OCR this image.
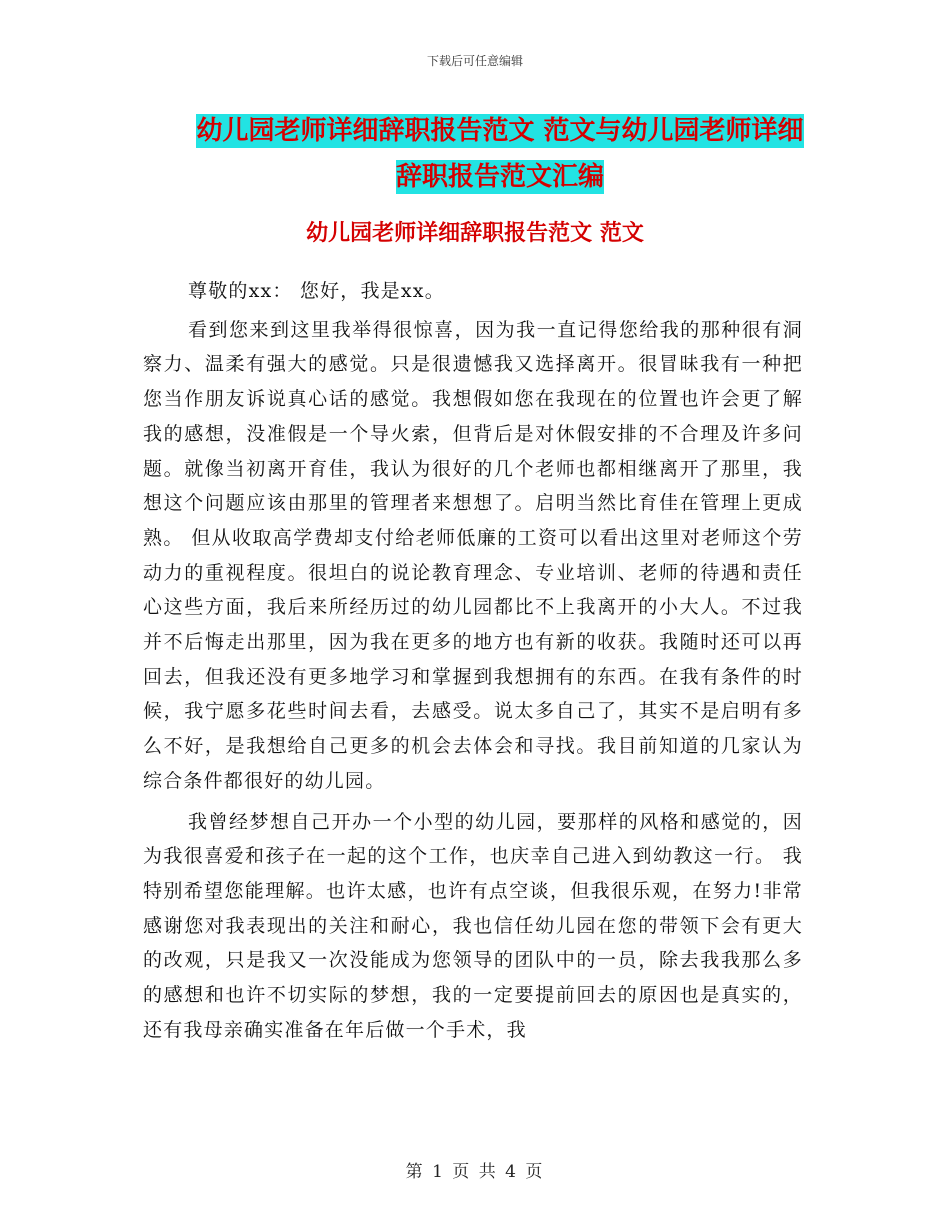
下载后可任意编辑
幼儿园老师详细辞职报告范文 范文与幼儿园老师详细
辞职报告范文汇编
幼儿园老师详细辞职报告范文 范文

尊敬的xx： 您好，我是xx。

看到您来到这里我举得很惊喜，因为我一直记得您给我的那种很有洞察力、温柔有强大的感觉。只是很遗憾我又选择离开。很冒昧我有一种把您当作朋友诉说真心话的感觉。我想假如您在我现在的位置也许会更了解我的感想，没准假是一个导火索，但背后是对休假安排的不合理及许多问题。就像当初离开育佳，我认为很好的几个老师也都相继离开了那里，我想这个问题应该由那里的管理者来想想了。启明当然比育佳在管理上更成熟。 但从收取高学费却支付给老师低廉的工资可以看出这里对老师这个劳动力的重视程度。很坦白的说论教育理念、专业培训、老师的待遇和责任心这些方面，我后来所经历过的幼儿园都比不上我离开的小大人。不过我并不后悔走出那里，因为我在更多的地方也有新的收获。我随时还可以再回去，但我还没有更多地学习和掌握到我想拥有的东西。在我有条件的时候，我宁愿多花些时间去看，去感受。说太多自己了，其实不是启明有多么不好，是我想给自己更多的机会去体会和寻找。我目前知道的几家认为综合条件都很好的幼儿园。

我曾经梦想自己开办一个小型的幼儿园，要那样的风格和感觉的，因为我很喜爱和孩子在一起的这个工作，也庆幸自己进入到幼教这一行。 我特别希望您能理解。也许太感，也许有点空谈，但我很乐观，在努力!非常感谢您对我表现出的关注和耐心，我也信任幼儿园在您的带领下会有更大的改观，只是我又一次没能成为您领导的团队中的一员，除去我我那么多的感想和也许不切实际的梦想，我的一定要提前回去的原因也是真实的，还有我母亲确实准备在年后做一个手术，我

第 1 页 共 4 页
